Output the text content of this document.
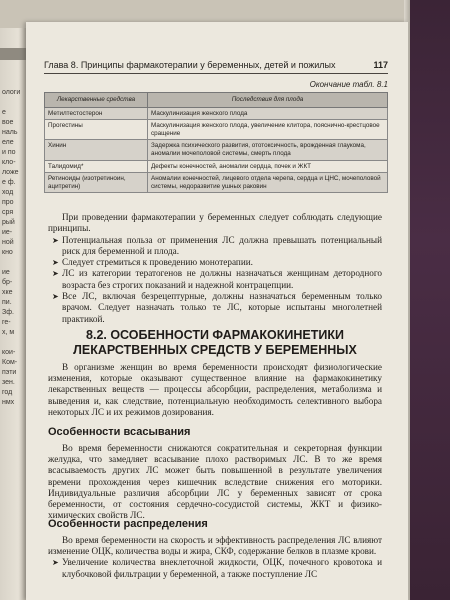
ологи

е
воe
наль
еле
и по
кло-
ложе
е ф.
ход
про
сря
рый
ие-
ной
кно

ие
бр-
хке
пи.
Зф.
ге-
х, м

кои-
Ком-
пэти
зен.
год
нмх
Глава 8. Принципы фармакотерапии у беременных, детей и пожилых	117
Окончание табл. 8.1
Лекарственные средства	Последствия для плода
Метилтестостерон	Маскулинизация женского плода
Прогестины	Маскулинизация женского плода, увеличение клитора, пояснично-крестцовое сращение
Хинин	Задержка психического развития, ототоксичность, врожденная глаукома, аномалии мочеполовой системы, смерть плода
Талидомид*	Дефекты конечностей, аномалии сердца, почек и ЖКТ
Ретиноиды (изотретиноин, ацитретин)	Аномалии конечностей, лицевого отдела черепа, сердца и ЦНС, мочеполовой системы, недоразвитие ушных раковин

При проведении фармакотерапии у беременных следует соблюдать следующие принципы.

➤ Потенциальная польза от применения ЛС должна превышать потенциальный риск для беременной и плода.
➤ Следует стремиться к проведению монотерапии.
➤ ЛС из категории тератогенов не должны назначаться женщинам детородного возраста без строгих показаний и надежной контрацепции.
➤ Все ЛС, включая безрецептурные, должны назначаться беременным только врачом. Следует назначать только те ЛС, которые испытаны многолетней практикой.
8.2. ОСОБЕННОСТИ ФАРМАКОКИНЕТИКИ ЛЕКАРСТВЕННЫХ СРЕДСТВ У БЕРЕМЕННЫХ

В организме женщин во время беременности происходят физиологические изменения, которые оказывают существенное влияние на фармакокинетику лекарственных веществ — процессы абсорбции, распределения, метаболизма и выведения и, как следствие, потенциальную необходимость селективного выбора некоторых ЛС и их режимов дозирования.

Особенности всасывания

Во время беременности снижаются сократительная и секреторная функции желудка, что замедляет всасывание плохо растворимых ЛС. В то же время всасываемость других ЛС может быть повышенной в результате увеличения времени прохождения через кишечник вследствие снижения его моторики. Индивидуальные различия абсорбции ЛС у беременных зависят от срока беременности, от состояния сердечно-сосудистой системы, ЖКТ и физико-химических свойств ЛС.

Особенности распределения

Во время беременности на скорость и эффективность распределения ЛС влияют изменение ОЦК, количества воды и жира, СКФ, содержание белков в плазме крови.

➤ Увеличение количества внеклеточной жидкости, ОЦК, почечного кровотока и клубочковой фильтрации у беременной, а также поступление ЛС
